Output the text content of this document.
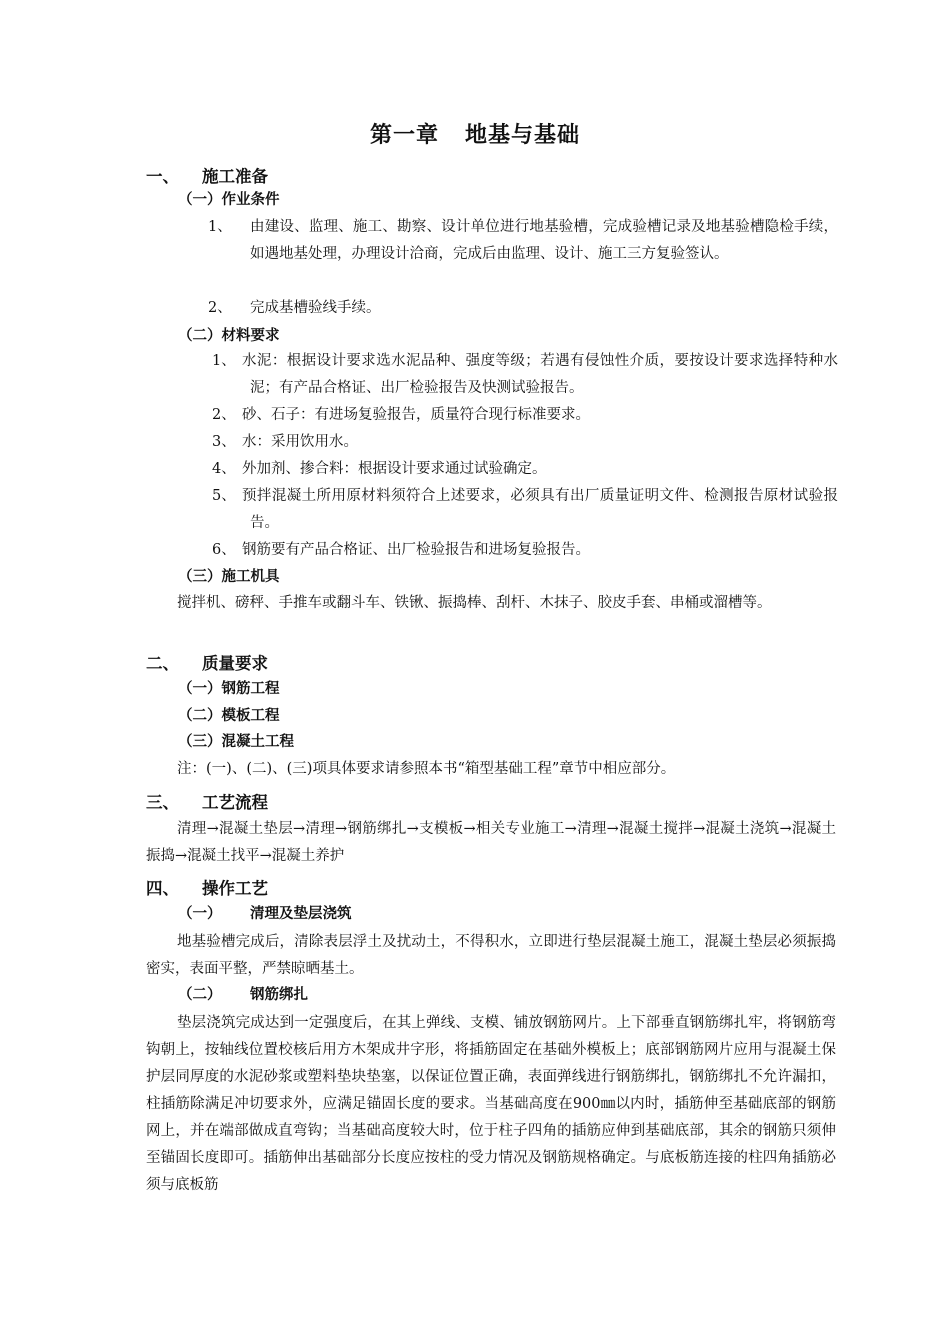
第一章 地基与基础
一、 施工准备
（一）作业条件
1、 由建设、监理、施工、勘察、设计单位进行地基验槽，完成验槽记录及地基验槽隐检手续，如遇地基处理，办理设计洽商，完成后由监理、设计、施工三方复验签认。
2、 完成基槽验线手续。
（二）材料要求
1、 水泥：根据设计要求选水泥品种、强度等级；若遇有侵蚀性介质，要按设计要求选择特种水泥；有产品合格证、出厂检验报告及快测试验报告。
2、 砂、石子：有进场复验报告，质量符合现行标准要求。
3、 水：采用饮用水。
4、 外加剂、掺合料：根据设计要求通过试验确定。
5、 预拌混凝土所用原材料须符合上述要求，必须具有出厂质量证明文件、检测报告原材试验报告。
6、 钢筋要有产品合格证、出厂检验报告和进场复验报告。
（三）施工机具
搅拌机、磅秤、手推车或翻斗车、铁锹、振捣棒、刮杆、木抹子、胶皮手套、串桶或溜槽等。
二、 质量要求
（一）钢筋工程
（二）模板工程
（三）混凝土工程
注：(一)、(二)、(三)项具体要求请参照本书“箱型基础工程”章节中相应部分。
三、 工艺流程
清理→混凝土垫层→清理→钢筋绑扎→支模板→相关专业施工→清理→混凝土搅拌→混凝土浇筑→混凝土振捣→混凝土找平→混凝土养护
四、 操作工艺
（一） 清理及垫层浇筑
地基验槽完成后，清除表层浮土及扰动土，不得积水，立即进行垫层混凝土施工，混凝土垫层必须振捣密实，表面平整，严禁晾晒基土。
（二） 钢筋绑扎
垫层浇筑完成达到一定强度后，在其上弹线、支模、铺放钢筋网片。上下部垂直钢筋绑扎牢，将钢筋弯钩朝上，按轴线位置校核后用方木架成井字形，将插筋固定在基础外模板上；底部钢筋网片应用与混凝土保护层同厚度的水泥砂浆或塑料垫块垫塞，以保证位置正确，表面弹线进行钢筋绑扎，钢筋绑扎不允许漏扣，柱插筋除满足冲切要求外，应满足锚固长度的要求。当基础高度在900㎜以内时，插筋伸至基础底部的钢筋网上，并在端部做成直弯钩；当基础高度较大时，位于柱子四角的插筋应伸到基础底部，其余的钢筋只须伸至锚固长度即可。插筋伸出基础部分长度应按柱的受力情况及钢筋规格确定。与底板筋连接的柱四角插筋必须与底板筋
